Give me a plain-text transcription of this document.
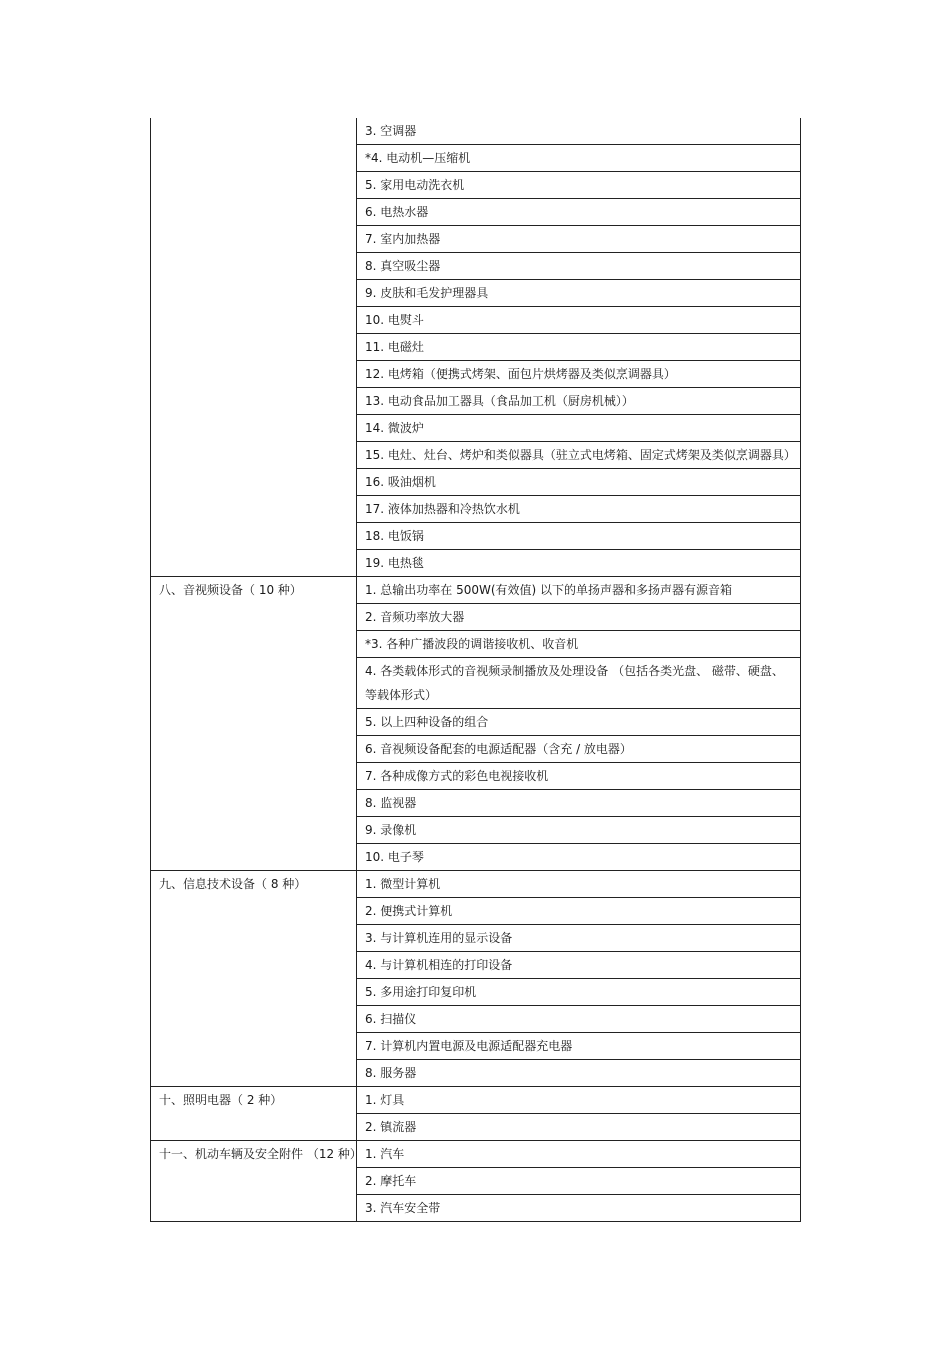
	3. 空调器
	*4. 电动机—压缩机
	5. 家用电动洗衣机
	6. 电热水器
	7. 室内加热器
	8. 真空吸尘器
	9. 皮肤和毛发护理器具
	10. 电熨斗
	11. 电磁灶
	12. 电烤箱（便携式烤架、面包片烘烤器及类似烹调器具）
	13. 电动食品加工器具（食品加工机（厨房机械））
	14. 微波炉
	15. 电灶、灶台、烤炉和类似器具（驻立式电烤箱、固定式烤架及类似烹调器具）
	16. 吸油烟机
	17. 液体加热器和冷热饮水机
	18. 电饭锅
	19. 电热毯
八、音视频设备（ 10 种）	1. 总输出功率在 500W(有效值) 以下的单扬声器和多扬声器有源音箱
	2. 音频功率放大器
	*3. 各种广播波段的调谐接收机、收音机
	4. 各类载体形式的音视频录制播放及处理设备 （包括各类光盘、 磁带、硬盘、等载体形式）
	5. 以上四种设备的组合
	6. 音视频设备配套的电源适配器（含充 / 放电器）
	7. 各种成像方式的彩色电视接收机
	8. 监视器
	9. 录像机
	10. 电子琴
九、信息技术设备（ 8 种）	1. 微型计算机
	2. 便携式计算机
	3. 与计算机连用的显示设备
	4. 与计算机相连的打印设备
	5. 多用途打印复印机
	6. 扫描仪
	7. 计算机内置电源及电源适配器充电器
	8. 服务器
十、照明电器（ 2 种）	1. 灯具
	2. 镇流器
十一、机动车辆及安全附件 （12 种）	1. 汽车
	2. 摩托车
	3. 汽车安全带
